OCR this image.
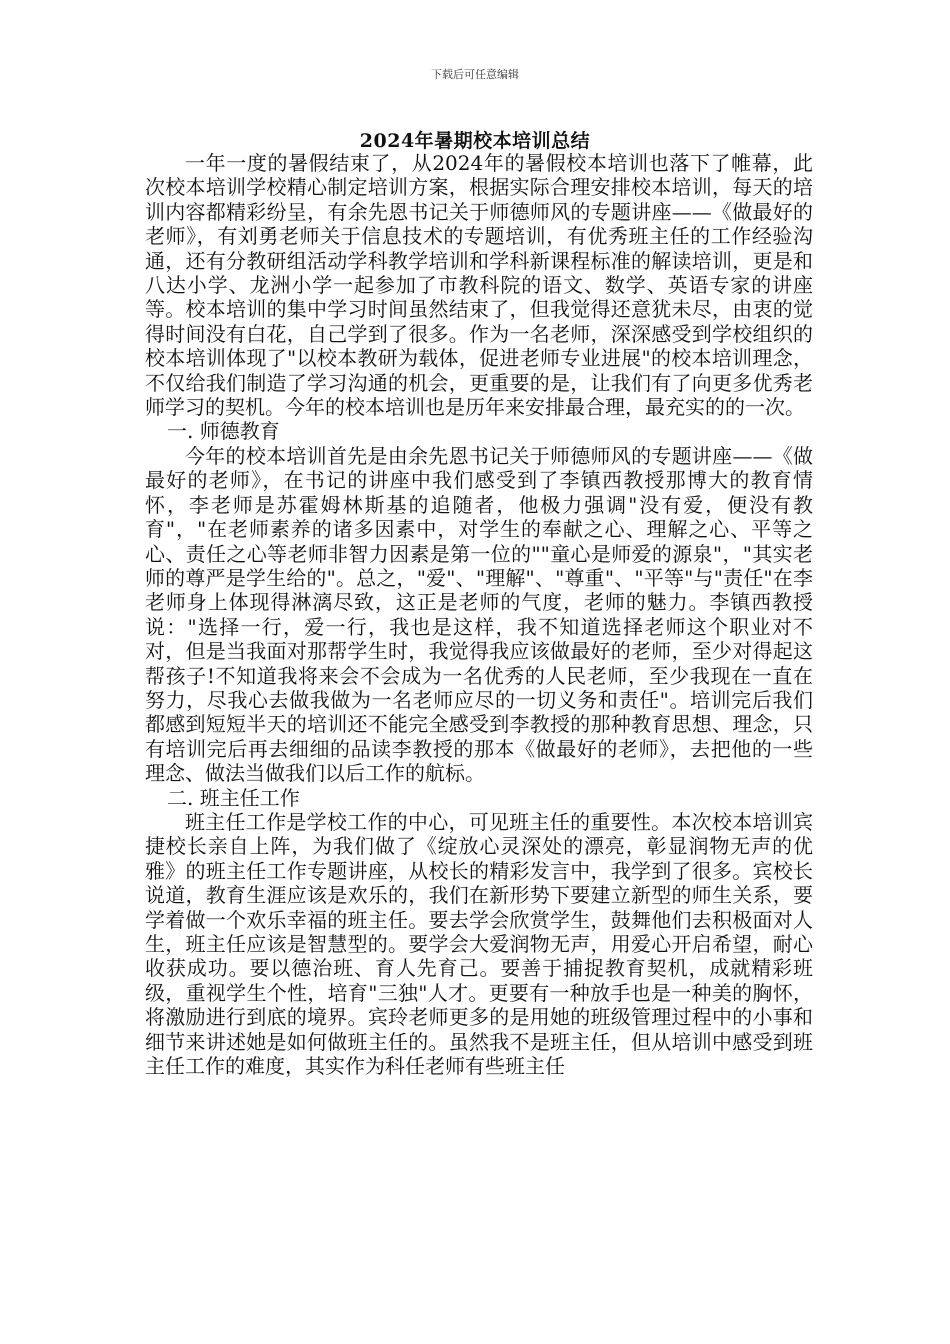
下载后可任意编辑
2024年暑期校本培训总结

一年一度的暑假结束了，从2024年的暑假校本培训也落下了帷幕，此次校本培训学校精心制定培训方案，根据实际合理安排校本培训，每天的培训内容都精彩纷呈，有余先恩书记关于师德师风的专题讲座——《做最好的老师》，有刘勇老师关于信息技术的专题培训，有优秀班主任的工作经验沟通，还有分教研组活动学科教学培训和学科新课程标准的解读培训，更是和八达小学、龙洲小学一起参加了市教科院的语文、数学、英语专家的讲座等。校本培训的集中学习时间虽然结束了，但我觉得还意犹未尽，由衷的觉得时间没有白花，自己学到了很多。作为一名老师，深深感受到学校组织的校本培训体现了"以校本教研为载体，促进老师专业进展"的校本培训理念，不仅给我们制造了学习沟通的机会，更重要的是，让我们有了向更多优秀老师学习的契机。今年的校本培训也是历年来安排最合理，最充实的的一次。

一. 师德教育

今年的校本培训首先是由余先恩书记关于师德师风的专题讲座——《做最好的老师》，在书记的讲座中我们感受到了李镇西教授那博大的教育情怀，李老师是苏霍姆林斯基的追随者，他极力强调"没有爱，便没有教育"，"在老师素养的诸多因素中，对学生的奉献之心、理解之心、平等之心、责任之心等老师非智力因素是第一位的""童心是师爱的源泉"，"其实老师的尊严是学生给的"。总之，"爱"、"理解"、"尊重"、"平等"与"责任"在李老师身上体现得淋漓尽致，这正是老师的气度，老师的魅力。李镇西教授说："选择一行，爱一行，我也是这样，我不知道选择老师这个职业对不对，但是当我面对那帮学生时，我觉得我应该做最好的老师，至少对得起这帮孩子!不知道我将来会不会成为一名优秀的人民老师，至少我现在一直在努力，尽我心去做我做为一名老师应尽的一切义务和责任"。培训完后我们都感到短短半天的培训还不能完全感受到李教授的那种教育思想、理念，只有培训完后再去细细的品读李教授的那本《做最好的老师》，去把他的一些理念、做法当做我们以后工作的航标。

二. 班主任工作

班主任工作是学校工作的中心，可见班主任的重要性。本次校本培训宾捷校长亲自上阵，为我们做了《绽放心灵深处的漂亮，彰显润物无声的优雅》的班主任工作专题讲座，从校长的精彩发言中，我学到了很多。宾校长说道，教育生涯应该是欢乐的，我们在新形势下要建立新型的师生关系，要学着做一个欢乐幸福的班主任。要去学会欣赏学生，鼓舞他们去积极面对人生，班主任应该是智慧型的。要学会大爱润物无声，用爱心开启希望，耐心收获成功。要以德治班、育人先育己。要善于捕捉教育契机，成就精彩班级，重视学生个性，培育"三独"人才。更要有一种放手也是一种美的胸怀，将激励进行到底的境界。宾玲老师更多的是用她的班级管理过程中的小事和细节来讲述她是如何做班主任的。虽然我不是班主任，但从培训中感受到班主任工作的难度，其实作为科任老师有些班主任
